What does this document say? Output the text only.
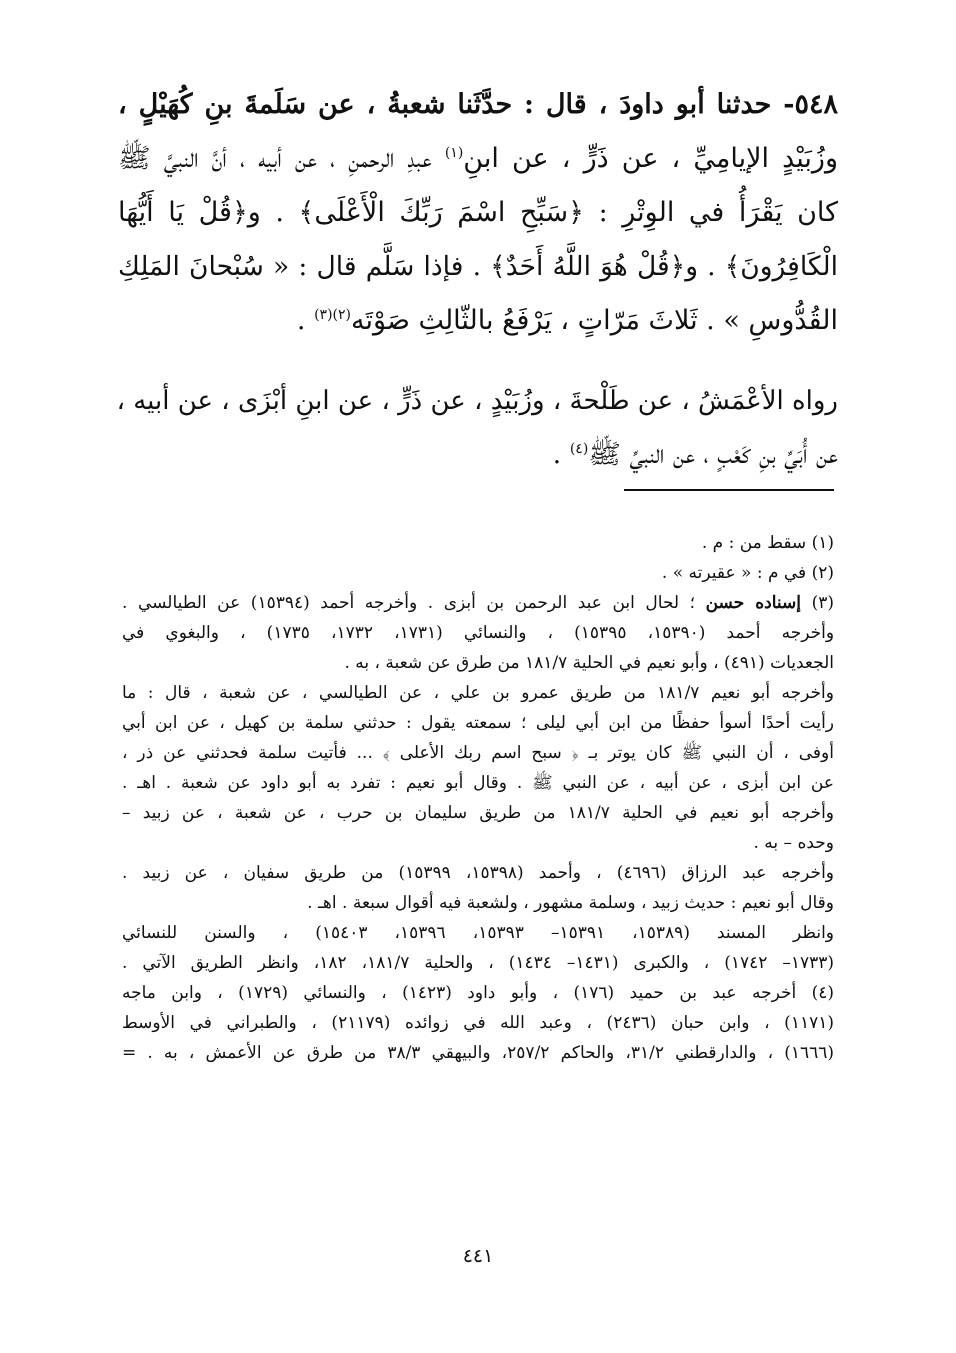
٥٤٨- حدثنا أبو داودَ ، قال : حدَّثَنا شعبةُ ، عن سَلَمةَ بنِ كُهَيْلٍ ،
وزُبَيْدٍ الإيامِيِّ ، عن ذَرٍّ ، عن ابنِ$^{(١)}$ عبدِ الرحمنِ ، عن أبيه ، أنَّ النبيَّ ﷺ
كان يَقْرَأُ في الوِتْرِ : ﴿سَبِّحِ اسْمَ رَبِّكَ الْأَعْلَى﴾ . و﴿قُلْ يَا أَيُّهَا
الْكَافِرُونَ﴾ . و﴿قُلْ هُوَ اللَّهُ أَحَدٌ﴾ . فإذا سَلَّم قال : « سُبْحانَ المَلِكِ
القُدُّوسِ » . ثَلاثَ مَرّاتٍ ، يَرْفَعُ بالثّالِثِ صَوْتَه$^{(٢)(٣)}$ .
رواه الأعْمَشُ ، عن طَلْحةَ ، وزُبَيْدٍ ، عن ذَرٍّ ، عن ابنِ أبْزَى ، عن أبيه ،
عن أُبَيِّ بنِ كَعْبٍ ، عن النبيِّ ﷺ$^{(٤)}$ .
(١) سقط من : م .
(٢) في م : « عقيرته » .
(٣) إسناده حسن ؛ لحال ابن عبد الرحمن بن أبزى . وأخرجه أحمد (١٥٣٩٤) عن الطيالسي .
وأخرجه أحمد (١٥٣٩٠، ١٥٣٩٥) ، والنسائي (١٧٣١، ١٧٣٢، ١٧٣٥) ، والبغوي في
الجعديات (٤٩١) ، وأبو نعيم في الحلية ١٨١/٧ من طرق عن شعبة ، به .
وأخرجه أبو نعيم ١٨١/٧ من طريق عمرو بن علي ، عن الطيالسي ، عن شعبة ، قال : ما
رأيت أحدًا أسوأ حفظًا من ابن أبي ليلى ؛ سمعته يقول : حدثني سلمة بن كهيل ، عن ابن أبي
أوفى ، أن النبي ﷺ كان يوتر بـ ﴿ سبح اسم ربك الأعلى ﴾ ... فأتيت سلمة فحدثني عن ذر ،
عن ابن أبزى ، عن أبيه ، عن النبي ﷺ . وقال أبو نعيم : تفرد به أبو داود عن شعبة . اهـ .
وأخرجه أبو نعيم في الحلية ١٨١/٧ من طريق سليمان بن حرب ، عن شعبة ، عن زبيد –
وحده – به .
وأخرجه عبد الرزاق (٤٦٩٦) ، وأحمد (١٥٣٩٨، ١٥٣٩٩) من طريق سفيان ، عن زبيد .
وقال أبو نعيم : حديث زبيد ، وسلمة مشهور ، ولشعبة فيه أقوال سبعة . اهـ .
وانظر المسند (١٥٣٨٩، ١٥٣٩١– ١٥٣٩٣، ١٥٣٩٦، ١٥٤٠٣) ، والسنن للنسائي
(١٧٣٣– ١٧٤٢) ، والكبرى (١٤٣١– ١٤٣٤) ، والحلية ١٨١/٧، ١٨٢، وانظر الطريق الآتي .
(٤) أخرجه عبد بن حميد (١٧٦) ، وأبو داود (١٤٢٣) ، والنسائي (١٧٢٩) ، وابن ماجه
(١١٧١) ، وابن حبان (٢٤٣٦) ، وعبد الله في زوائده (٢١١٧٩) ، والطبراني في الأوسط
(١٦٦٦) ، والدارقطني ٣١/٢، والحاكم ٢٥٧/٢، والبيهقي ٣٨/٣ من طرق عن الأعمش ، به . =
٤٤١
